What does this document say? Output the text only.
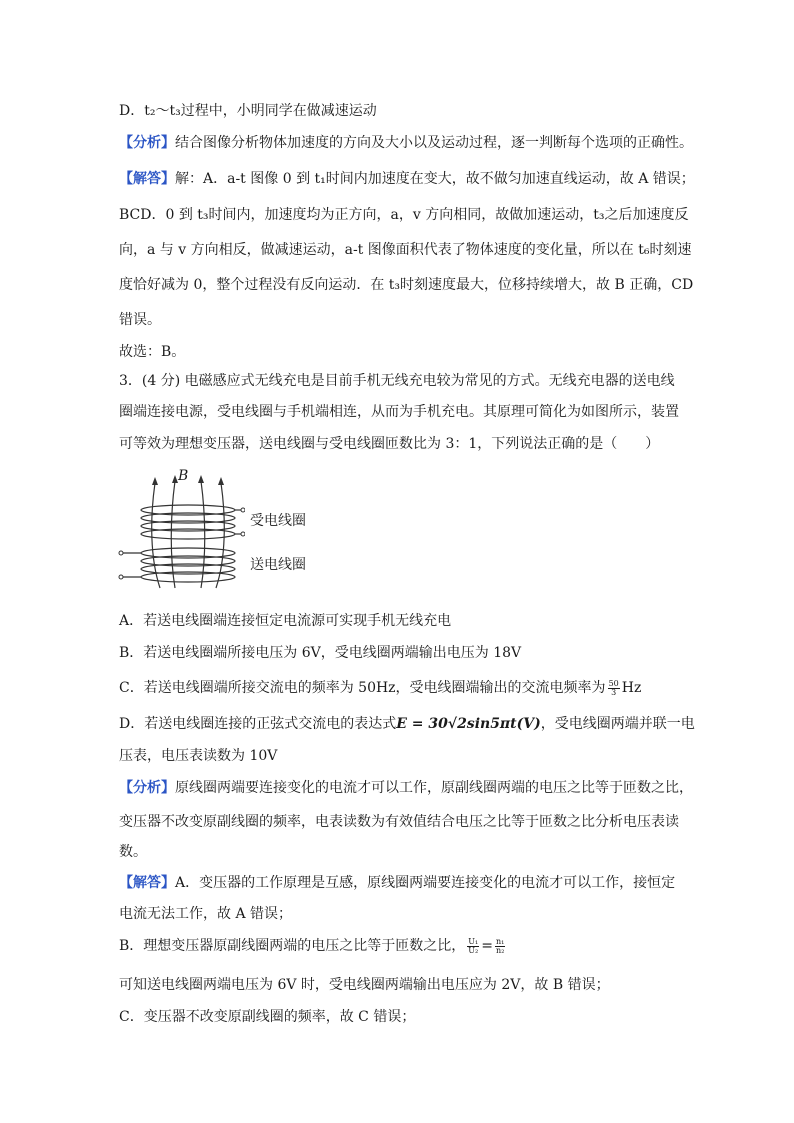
D．t₂～t₃过程中，小明同学在做减速运动
【分析】结合图像分析物体加速度的方向及大小以及运动过程，逐一判断每个选项的正确性。
【解答】解：A．a-t 图像 0 到 t₁时间内加速度在变大，故不做匀加速直线运动，故 A 错误；
BCD．0 到 t₃时间内，加速度均为正方向，a，v 方向相同，故做加速运动，t₃之后加速度反
向，a 与 v 方向相反，做减速运动，a-t 图像面积代表了物体速度的变化量，所以在 t₆时刻速
度恰好减为 0，整个过程没有反向运动．在 t₃时刻速度最大，位移持续增大，故 B 正确，CD
错误。
故选：B。
3．(4 分) 电磁感应式无线充电是目前手机无线充电较为常见的方式。无线充电器的送电线
圈端连接电源，受电线圈与手机端相连，从而为手机充电。其原理可简化为如图所示，装置
可等效为理想变压器，送电线圈与受电线圈匝数比为 3：1，下列说法正确的是（　　）
B
受电线圈
送电线圈
A．若送电线圈端连接恒定电流源可实现手机无线充电
B．若送电线圈端所接电压为 6V，受电线圈两端输出电压为 18V
C．若送电线圈端所接交流电的频率为 50Hz，受电线圈端输出的交流电频率为 $\frac{50}{3}$ Hz
D．若送电线圈连接的正弦式交流电的表达式E = 30√2sin5πt(V)，受电线圈两端并联一电
压表，电压表读数为 10V
【分析】原线圈两端要连接变化的电流才可以工作，原副线圈两端的电压之比等于匝数之比，
变压器不改变原副线圈的频率，电表读数为有效值结合电压之比等于匝数之比分析电压表读
数。
【解答】A．变压器的工作原理是互感，原线圈两端要连接变化的电流才可以工作，接恒定
电流无法工作，故 A 错误；
B．理想变压器原副线圈两端的电压之比等于匝数之比， $\frac{\text{U₁}}{\text{U₂}} = \frac{\text{n₁}}{\text{n₂}}$
可知送电线圈两端电压为 6V 时，受电线圈两端输出电压应为 2V，故 B 错误；
C．变压器不改变原副线圈的频率，故 C 错误；
